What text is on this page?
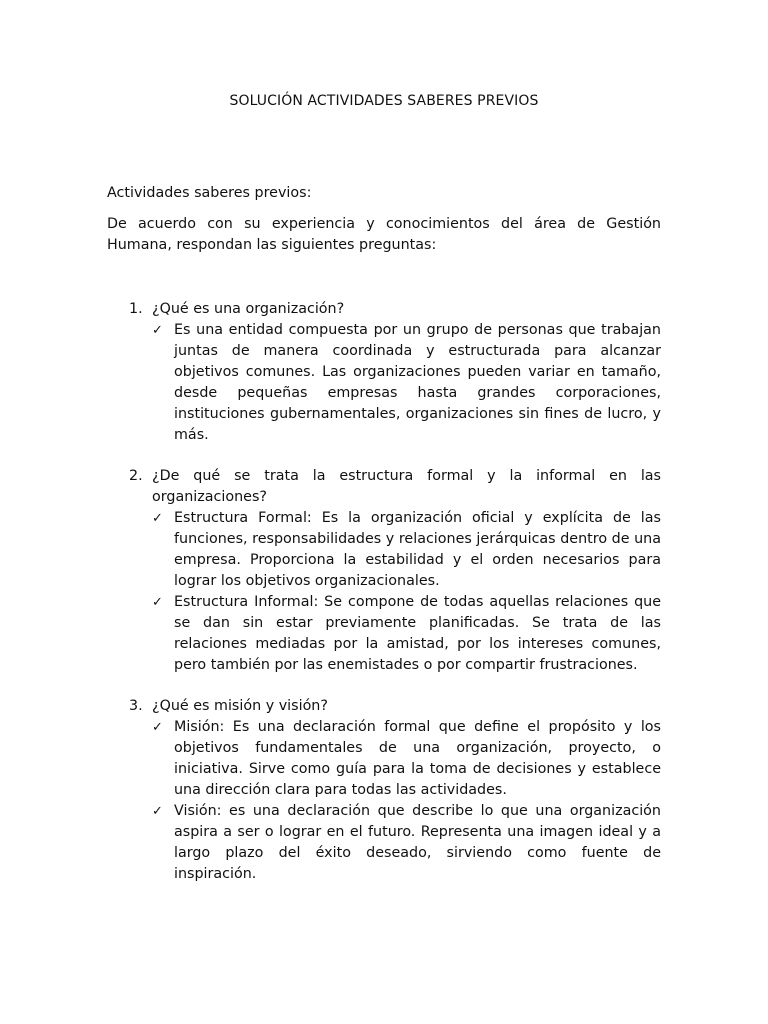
SOLUCIÓN ACTIVIDADES SABERES PREVIOS

Actividades saberes previos:

De acuerdo con su experiencia y conocimientos del área de Gestión Humana, respondan las siguientes preguntas:

1. ¿Qué es una organización?
✓ Es una entidad compuesta por un grupo de personas que trabajan juntas de manera coordinada y estructurada para alcanzar objetivos comunes. Las organizaciones pueden variar en tamaño, desde pequeñas empresas hasta grandes corporaciones, instituciones gubernamentales, organizaciones sin fines de lucro, y más.
2. ¿De qué se trata la estructura formal y la informal en las organizaciones?
✓ Estructura Formal: Es la organización oficial y explícita de las funciones, responsabilidades y relaciones jerárquicas dentro de una empresa. Proporciona la estabilidad y el orden necesarios para lograr los objetivos organizacionales.
✓ Estructura Informal: Se compone de todas aquellas relaciones que se dan sin estar previamente planificadas. Se trata de las relaciones mediadas por la amistad, por los intereses comunes, pero también por las enemistades o por compartir frustraciones.
3. ¿Qué es misión y visión?
✓ Misión: Es una declaración formal que define el propósito y los objetivos fundamentales de una organización, proyecto, o iniciativa. Sirve como guía para la toma de decisiones y establece una dirección clara para todas las actividades.
✓ Visión: es una declaración que describe lo que una organización aspira a ser o lograr en el futuro. Representa una imagen ideal y a largo plazo del éxito deseado, sirviendo como fuente de inspiración.
